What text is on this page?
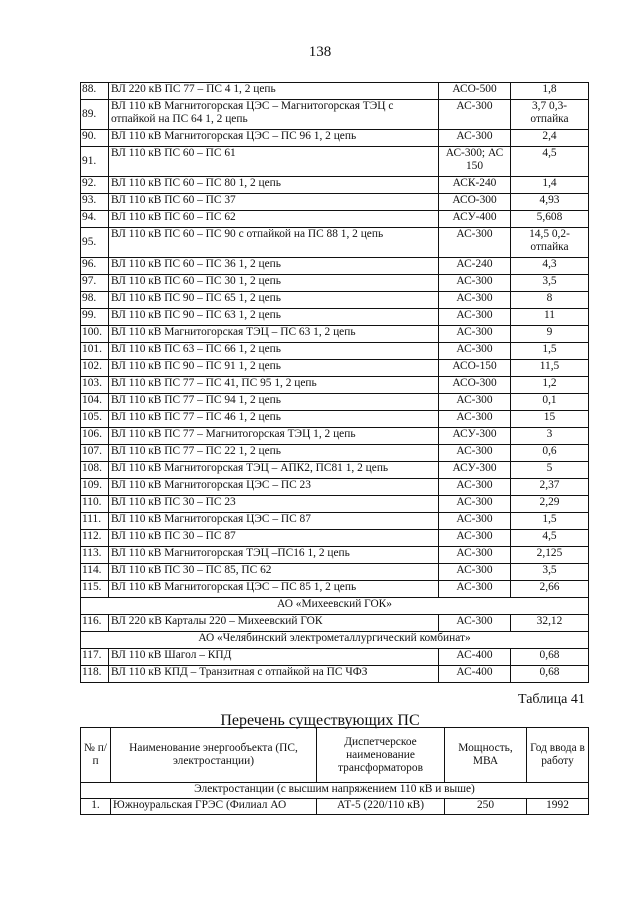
138
88.	ВЛ 220 кВ ПС 77 – ПС 4 1, 2 цепь	АСО-500	1,8
89.	ВЛ 110 кВ Магнитогорская ЦЭС – Магнитогорская ТЭЦ с отпайкой на ПС 64 1, 2 цепь	АС-300	3,7 0,3-отпайка
90.	ВЛ 110 кВ Магнитогорская ЦЭС – ПС 96 1, 2 цепь	АС-300	2,4
91.	ВЛ 110 кВ ПС 60 – ПС 61	АС-300; АС 150	4,5
92.	ВЛ 110 кВ ПС 60 – ПС 80 1, 2 цепь	АСК-240	1,4
93.	ВЛ 110 кВ ПС 60 – ПС 37	АСО-300	4,93
94.	ВЛ 110 кВ ПС 60 – ПС 62	АСУ-400	5,608
95.	ВЛ 110 кВ ПС 60 – ПС 90 с отпайкой на ПС 88 1, 2 цепь	АС-300	14,5 0,2-отпайка
96.	ВЛ 110 кВ ПС 60 – ПС 36 1, 2 цепь	АС-240	4,3
97.	ВЛ 110 кВ ПС 60 – ПС 30 1, 2 цепь	АС-300	3,5
98.	ВЛ 110 кВ ПС 90 – ПС 65 1, 2 цепь	АС-300	8
99.	ВЛ 110 кВ ПС 90 – ПС 63 1, 2 цепь	АС-300	11
100.	ВЛ 110 кВ Магнитогорская ТЭЦ – ПС 63 1, 2 цепь	АС-300	9
101.	ВЛ 110 кВ ПС 63 – ПС 66 1, 2 цепь	АС-300	1,5
102.	ВЛ 110 кВ ПС 90 – ПС 91 1, 2 цепь	АСО-150	11,5
103.	ВЛ 110 кВ ПС 77 – ПС 41, ПС 95 1, 2 цепь	АСО-300	1,2
104.	ВЛ 110 кВ ПС 77 – ПС 94 1, 2 цепь	АС-300	0,1
105.	ВЛ 110 кВ ПС 77 – ПС 46 1, 2 цепь	АС-300	15
106.	ВЛ 110 кВ ПС 77 – Магнитогорская ТЭЦ 1, 2 цепь	АСУ-300	3
107.	ВЛ 110 кВ ПС 77 – ПС 22 1, 2 цепь	АС-300	0,6
108.	ВЛ 110 кВ Магнитогорская ТЭЦ – АПК2, ПС81 1, 2 цепь	АСУ-300	5
109.	ВЛ 110 кВ Магнитогорская ЦЭС – ПС 23	АС-300	2,37
110.	ВЛ 110 кВ ПС 30 – ПС 23	АС-300	2,29
111.	ВЛ 110 кВ Магнитогорская ЦЭС – ПС 87	АС-300	1,5
112.	ВЛ 110 кВ ПС 30 – ПС 87	АС-300	4,5
113.	ВЛ 110 кВ Магнитогорская ТЭЦ –ПС16 1, 2 цепь	АС-300	2,125
114.	ВЛ 110 кВ ПС 30 – ПС 85, ПС 62	АС-300	3,5
115.	ВЛ 110 кВ Магнитогорская ЦЭС – ПС 85 1, 2 цепь	АС-300	2,66
АО «Михеевский ГОК»			
116.	ВЛ 220 кВ Карталы 220 – Михеевский ГОК	АС-300	32,12
АО «Челябинский электрометаллургический комбинат»			
117.	ВЛ 110 кВ Шагол – КПД	АС-400	0,68
118.	ВЛ 110 кВ КПД – Транзитная с отпайкой на ПС ЧФЗ	АС-400	0,68
Таблица 41
Перечень существующих ПС
№ п/п	Наименование энергообъекта (ПС, электростанции)	Диспетчерское наименование трансформаторов	Мощность, МВА	Год ввода в работу
Электростанции (с высшим напряжением 110 кВ и выше)				
1.	Южноуральская ГРЭС (Филиал АО	АТ-5 (220/110 кВ)	250	1992
